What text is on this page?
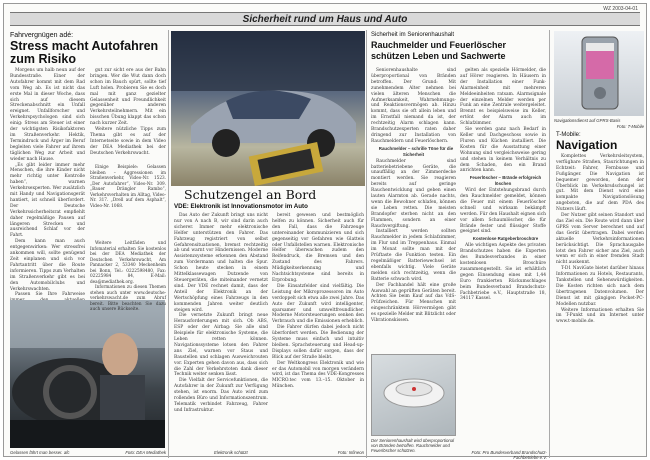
WZ 2003-04-01
Sicherheit rund um Haus und Auto
Fahrvergnügen adé:
Stress macht Autofahren zum Risiko

Morgens um halb neun auf der Bundesstraße. Einer der Autofahrer kommt mit dem Rad vom Weg ab. Es ist nicht das erste Mal in dieser Woche, dass sich auf diesem Streckenabschnitt ein Unfall ereignet. Unfallforscher und Verkehrspsychologen sind sich einig: Stress am Steuer ist einer der wichtigsten Risikofaktoren im Straßenverkehr. Hektik, Termindruck und Ärger im Beruf begleiten viele Fahrer auf ihrem täglichen Weg zur Arbeit und wieder nach Hause.

„Es gibt leider immer mehr Menschen, die ihre Kinder nicht mehr richtig unter Kontrolle haben“, warnen Verkehrsexperten. Wer zusätzlich mit Handy und Navigationsgerät hantiert, ist schnell überfordert. Der Deutsche Verkehrssicherheitsrat empfiehlt daher regelmäßige Pausen auf längeren Strecken und ausreichend Schlaf vor der Fahrt.

Dem kann man auch entgegenwirken: Wer stressfrei ankommen will, sollte genügend Zeit einplanen und sich vor Fahrtantritt über die Route informieren. Tipps zum Verhalten im Straßenverkehr gibt es bei den Automobilclubs und Verkehrswachten.

Passen Sie Ihre Fahrweise

gut zur sicht ere aus der Bahn bringen. Wer die Wut dann doch schon im Bauch spürt, sollte tief Luft holen. Probieren Sie es doch mal mit ganz gezielter Gelassenheit und Freundlichkeit gegenüber anderen Verkehrsteilnehmern. Mit ein bisschen Übung klappt das schon nach kurzer Zeit.

Weitere nützliche Tipps zum Thema gibt es auf der Internetseite sowie in dem Video der DEA Mediathek bei der Deutschen Verkehrswacht.

Gelassen fährt man besser. afc

Einige Beispiele: Gelassen bleiben – Aggressionen im Straßenverkehr, Video-Nr. 1523. „Der Autofahrer“, Video-Nr. 309. „Bauer Drängler Rambo“, Verkehrsverhalten im Alltag, Video-Nr. 317. „Drell auf dem Asphalt“, Video-Nr. 1068.

Weitere Leitfäden und Infomaterial erhalten Sie kostenlos bei der DEA Mediathek der Deutschen Verkehrswacht, Am Pannacker 2, 53340 Meckenheim bei Bonn, Tel.: 0222598480, Fax: 02225984 84, E-Mail: dea@mediathek.org.

Informationen zu diesen Themen stehen auch unter www.deutsche-verkehrswacht.de zum Abruf bereit. Bitte beachten Sie dazu auch unsere Rückseite.

Foto: DEA Mediathek
Schutzengel an Bord
VDE: Elektronik ist Innovationsmotor im Auto

Das Auto der Zukunft bringt uns nicht nur von A nach B, wir sind darin auch sicherer. Immer mehr elektronische Helfer unterstützen den Fahrer. Das Fahrzeug registriert von selbst Gefahrensituationen, bremst rechtzeitig ab und warnt vor Hindernissen. Moderne Assistenzsysteme erkennen den Abstand zum Vordermann und halten die Spur. Schon heute stecken in einem Mittelklassewagen Dutzende von Steuergeräten, die miteinander vernetzt sind. Der VDE rechnet damit, dass der Anteil der Elektronik an der Wertschöpfung eines Fahrzeugs in den kommenden Jahren weiter deutlich steigen wird.

Die vernetzte Zukunft bringt neue Herausforderungen mit sich. Ob ABS, ESP oder der Airbag: Sie alle sind Beispiele für elektronische Systeme, die Leben retten können. Navigationssysteme lotsen den Fahrer ans Ziel, warnen vor Staus und Baustellen und schlagen Ausweichrouten vor. Experten gehen davon aus, dass sich die Zahl der Verkehrstoten dank dieser Technik weiter senken lässt.

Die Vielfalt der Servicefunktionen, die Autofahrer in der Zukunft zur Verfügung stehen, ist enorm. Das Auto wird zum rollenden Büro und Informationszentrum. Telematik verbindet Fahrzeug, Fahrer und Infrastruktur.

bereit gewesen und bestmöglich helfen zu können. Sicherheit auch für den Fall, dass die Fahrzeuge untereinander kommunizieren und sich gegenseitig vor Gefahren wie Glatteis oder Unfallstellen warnen. Elektronische Helfer überwachen zudem den Reifendruck, die Bremsen und den Zustand des Fahrers. Müdigkeitserkennung und Nachtsichtsysteme sind bereits in Erprobung.

Die Einsatzfelder sind vielfältig. Die Leistung der Mikroprozessoren im Auto verdoppelt sich etwa alle zwei Jahre. Das Auto der Zukunft wird intelligenter, sparsamer und umweltfreundlicher. Moderne Motorsteuerungen senken den Verbrauch und die Emissionen erheblich.

Die Fahrer dürfen dabei jedoch nicht überfordert werden. Die Bedienung der Systeme muss einfach und intuitiv bleiben. Sprachsteuerung und Head-up-Displays sollen dafür sorgen, dass der Blick auf der Straße bleibt.

Der Weltkongress Elektronik und wie er das Automobil von morgen verändern wird, ist das Thema des VDE-Kongresses MICRO.tec vom 13.–15. Oktober in München.

Elektronik schützt	Foto: Infineon
Sicherheit im Seniorenhaushalt
Rauchmelder und Feuerlöscher schützen Leben und Sachwerte

Seniorenhaushalte sind überproportional von Bränden betroffen. Der Grund: Mit zunehmendem Alter nehmen bei vielen älteren Menschen die Aufmerksamkeit, Wahrnehmungs- und Reaktionsvermögen ab. Hinzu kommt, dass sie oft allein leben und im Ernstfall niemand da ist, der rechtzeitig Alarm schlagen kann. Brandschutzexperten raten daher dringend zur Installation von Rauchmeldern und Feuerlöschern.

Rauchmelder – schrille Töne für die Sicherheit

Rauchmelder sind batteriebetriebene Geräte, die unauffällig an der Zimmerdecke montiert werden. Sie reagieren bereits auf geringe Rauchentwicklung und geben einen lauten Alarmton ab. Gerade nachts, wenn die Bewohner schlafen, können sie Leben retten. Die meisten Brandopfer sterben nicht an den Flammen, sondern an einer Rauchvergiftung.

Installiert werden sollten Rauchmelder in jedem Schlafzimmer, im Flur und im Treppenhaus. Einmal im Monat sollte man mit der Prüftaste die Funktion testen. Ein regelmäßiger Batteriewechsel ist ebenfalls wichtig. Viele Geräte melden sich rechtzeitig, wenn die Batterie schwach wird.

Der Fachhandel hält eine große Auswahl an geprüften Geräten bereit. Achten Sie beim Kauf auf das VdS-Prüfzeichen. Für Menschen mit eingeschränktem Hörvermögen gibt es spezielle Melder mit Blitzlicht oder Vibrationskissen.

Der Seniorenhaushalt wird überproportional von Bränden betroffen. Rauchmelder und Feuerlöscher schützen.	Foto: Pro Bundesverband Brandschutz-Fachbetriebe e.V.

gelten als spezielle Hörmelder, die auf Hörer reagieren. In Häusern in der Installation einer Funk-Alarmeinheit mit mehreren Meldeeinheiten ratsam. Alarmsignale der einzelnen Melder werden per Funk an eine Zentrale weitergeleitet. Brennt es beispielsweise im Keller, ertönt der Alarm auch im Schlafzimmer.

Sie werden ganz nach Bedarf in Keller und Dachgeschoss sowie in Fluren und Küchen installiert. Die Kosten für die Ausstattung einer Wohnung sind vergleichsweise gering und stehen in keinem Verhältnis zu dem Schaden, den ein Brand anrichten kann.

Feuerlöscher – Brände erfolgreich löschen

Wird der Entstehungsbrand durch den Rauchmelder gemeldet, können die Feuer mit einem Feuerlöscher schnell und wirksam bekämpft werden. Für den Haushalt eignen sich vor allem Schaumlöscher, die für Brände fester und flüssiger Stoffe geeignet sind.

Kostenlose Ratgeberbroschüre

Alle wichtigen Aspekte des privaten Brandschutzes haben die Experten des Bundesverbandes in einer kostenlosen Broschüre zusammengestellt. Sie ist erhältlich gegen Einsendung eines mit 1,44 Euro frankierten Rückumschlages beim Bundesverband Brandschutz-Fachbetriebe e.V., Hauptstraße 18, 34117 Kassel.

Navigationsdienst auf GPRS-Basis
Foto: T-Mobile
T-Mobile:
Navigation

Komplettes Verkehrsleitsystem, verfügbare Straßen, Staurichtungen in Echtzeit: Fahrer, Fernbusse und Fußgänger. Die Navigation ist bequemer geworden, denn der Überblick im Verkehrsdschungel ist gut. Mit dem Dienst wird eine kompakte Navigationslösung angeboten, die auf dem PDA des Nutzers läuft.

Der Nutzer gibt seinen Standort und das Ziel ein. Die Route wird dann über GPRS vom Server berechnet und auf das Gerät übertragen. Dabei werden aktuelle Verkehrsinformationen berücksichtigt. Die Sprachausgabe lotst den Fahrer sicher ans Ziel, auch wenn er sich in einer fremden Stadt nicht auskennt.

T-D1 NaviGate bietet darüber hinaus Informationen zu Hotels, Restaurants, Tankstellen und Sehenswürdigkeiten. Die Kosten richten sich nach dem übertragenen Datenvolumen. Der Dienst ist mit gängigen Pocket-PC-Modellen nutzbar.

Weitere Informationen erhalten Sie im T-Punkt und im Internet unter www.t-mobile.de.
